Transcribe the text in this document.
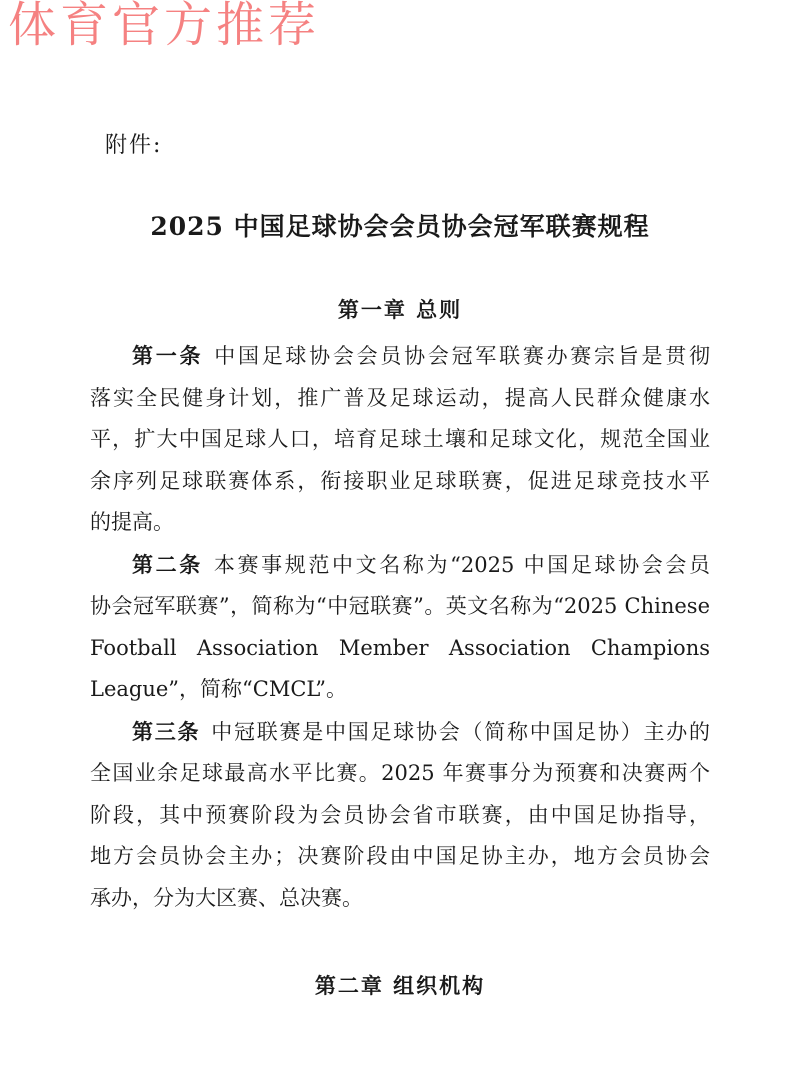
体育官方推荐
附件:
2025 中国足球协会会员协会冠军联赛规程
第一章 总则
第一条 中国足球协会会员协会冠军联赛办赛宗旨是贯彻
落实全民健身计划，推广普及足球运动，提高人民群众健康水
平，扩大中国足球人口，培育足球土壤和足球文化，规范全国业
余序列足球联赛体系，衔接职业足球联赛，促进足球竞技水平
的提高。
第二条 本赛事规范中文名称为“2025 中国足球协会会员
协会冠军联赛”，简称为“中冠联赛”。英文名称为“2025 Chinese
Football Association Member Association Champions
League”，简称“CMCL”。
第三条 中冠联赛是中国足球协会（简称中国足协）主办的
全国业余足球最高水平比赛。2025 年赛事分为预赛和决赛两个
阶段，其中预赛阶段为会员协会省市联赛，由中国足协指导，
地方会员协会主办；决赛阶段由中国足协主办，地方会员协会
承办，分为大区赛、总决赛。
第二章 组织机构
